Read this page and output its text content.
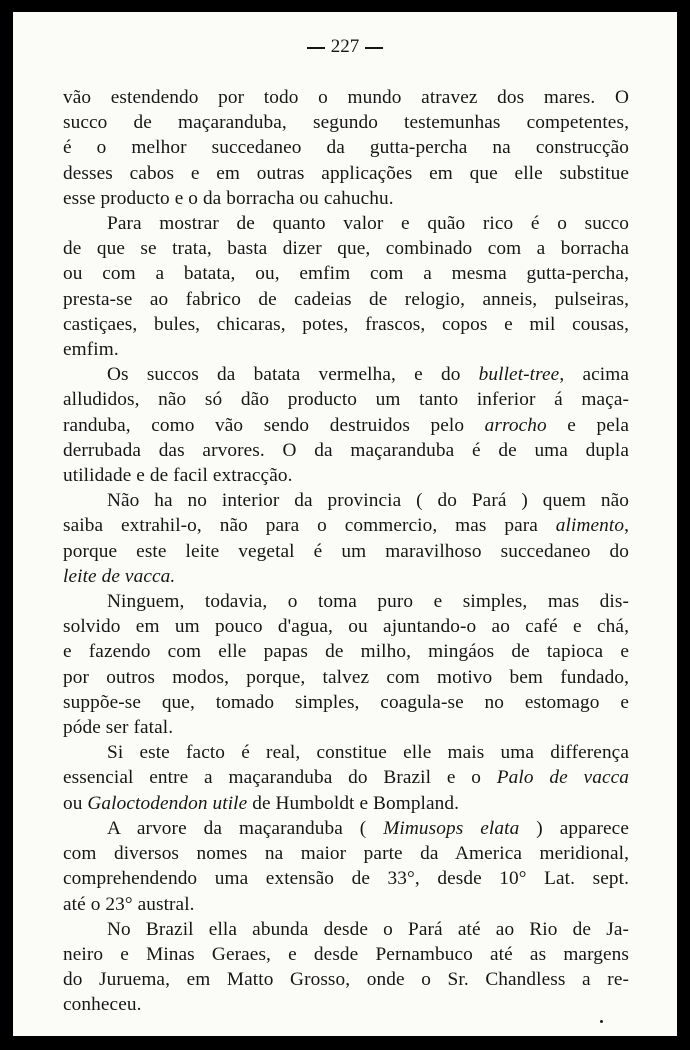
227
vão estendendo por todo o mundo atravez dos mares. O
succo de maçaranduba, segundo testemunhas competentes,
é o melhor succedaneo da gutta-percha na construcção
desses cabos e em outras applicações em que elle substitue
esse producto e o da borracha ou cahuchu.
Para mostrar de quanto valor e quão rico é o succo
de que se trata, basta dizer que, combinado com a borracha
ou com a batata, ou, emfim com a mesma gutta-percha,
presta-se ao fabrico de cadeias de relogio, anneis, pulseiras,
castiçaes, bules, chicaras, potes, frascos, copos e mil cousas,
emfim.
Os succos da batata vermelha, e do bullet-tree, acima
alludidos, não só dão producto um tanto inferior á maça-
randuba, como vão sendo destruidos pelo arrocho e pela
derrubada das arvores. O da maçaranduba é de uma dupla
utilidade e de facil extracção.
Não ha no interior da provincia ( do Pará ) quem não
saiba extrahil-o, não para o commercio, mas para alimento,
porque este leite vegetal é um maravilhoso succedaneo do
leite de vacca.
Ninguem, todavia, o toma puro e simples, mas dis-
solvido em um pouco d'agua, ou ajuntando-o ao café e chá,
e fazendo com elle papas de milho, mingáos de tapioca e
por outros modos, porque, talvez com motivo bem fundado,
suppõe-se que, tomado simples, coagula-se no estomago e
póde ser fatal.
Si este facto é real, constitue elle mais uma differença
essencial entre a maçaranduba do Brazil e o Palo de vacca
ou Galoctodendon utile de Humboldt e Bompland.
A arvore da maçaranduba ( Mimusops elata ) apparece
com diversos nomes na maior parte da America meridional,
comprehendendo uma extensão de 33°, desde 10° Lat. sept.
até o 23° austral.
No Brazil ella abunda desde o Pará até ao Rio de Ja-
neiro e Minas Geraes, e desde Pernambuco até as margens
do Juruema, em Matto Grosso, onde o Sr. Chandless a re-
conheceu.
